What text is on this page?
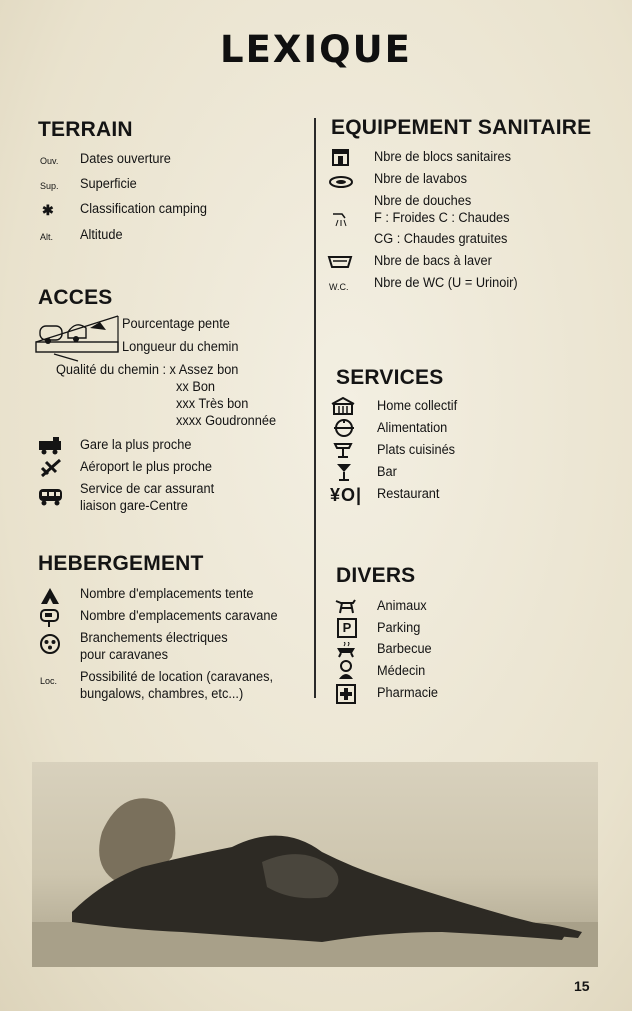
LEXIQUE
TERRAIN
Ouv. Dates ouverture
Sup. Superficie
✱ Classification camping
Alt. Altitude
ACCES
Pourcentage pente
Longueur du chemin
Qualité du chemin : x Assez bon
xx Bon
xxx Très bon
xxxx Goudronnée
Gare la plus proche
Aéroport le plus proche
Service de car assurant
liaison gare-Centre
HEBERGEMENT
Nombre d'emplacements tente
Nombre d'emplacements caravane
Branchements électriques
pour caravanes
Loc. Possibilité de location (caravanes,
bungalows, chambres, etc...)
EQUIPEMENT SANITAIRE
Nbre de blocs sanitaires
Nbre de lavabos
Nbre de douches
F : Froides C : Chaudes
CG : Chaudes gratuites
Nbre de bacs à laver
W.C. Nbre de WC (U = Urinoir)
SERVICES
Home collectif
Alimentation
Plats cuisinés
Bar
¥O| Restaurant
DIVERS
Animaux
P	Parking
Barbecue
Médecin
Pharmacie
15
